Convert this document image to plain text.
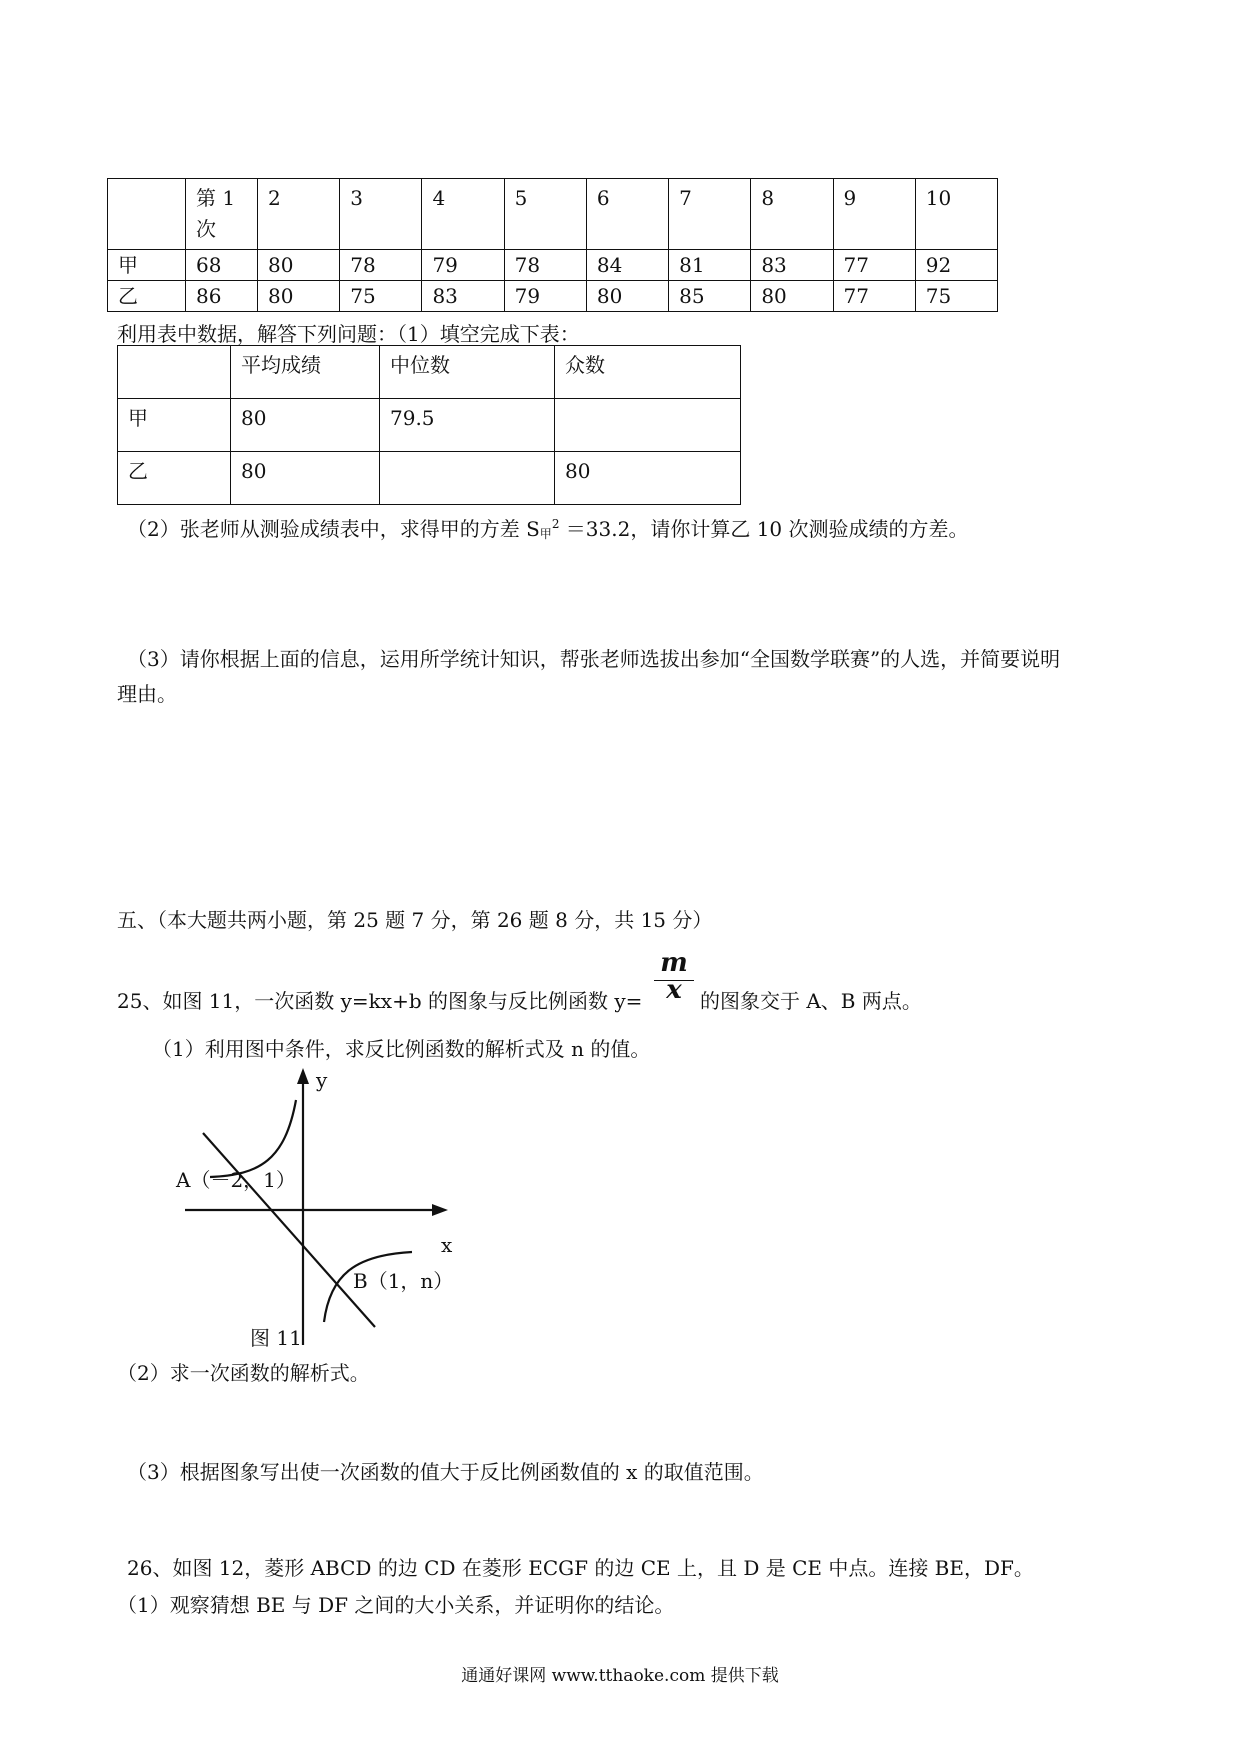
	第 1 次	2	3	4	5	6	7	8	9	10
甲	68	80	78	79	78	84	81	83	77	92
乙	86	80	75	83	79	80	85	80	77	75
利用表中数据，解答下列问题：（1）填空完成下表：
	平均成绩	中位数	众数
甲	80	79.5	
乙	80		80
（2）张老师从测验成绩表中，求得甲的方差 S甲$^2$ ＝33.2，请你计算乙 10 次测验成绩的方差。
（3）请你根据上面的信息，运用所学统计知识，帮张老师选拔出参加“全国数学联赛”的人选，并简要说明
理由。
五、（本大题共两小题，第 25 题 7 分，第 26 题 8 分，共 15 分）
25、如图 11，一次函数 y=kx+b 的图象与反比例函数 y=
m
x 的图象交于 A、B 两点。
（1）利用图中条件，求反比例函数的解析式及 n 的值。
y
x
A（－2，1）
B（1，n）
图 11
（2）求一次函数的解析式。
（3）根据图象写出使一次函数的值大于反比例函数值的 x 的取值范围。
26、如图 12，菱形 ABCD 的边 CD 在菱形 ECGF 的边 CE 上，且 D 是 CE 中点。连接 BE，DF。
（1）观察猜想 BE 与 DF 之间的大小关系，并证明你的结论。
通通好课网 www.tthaoke.com 提供下载
